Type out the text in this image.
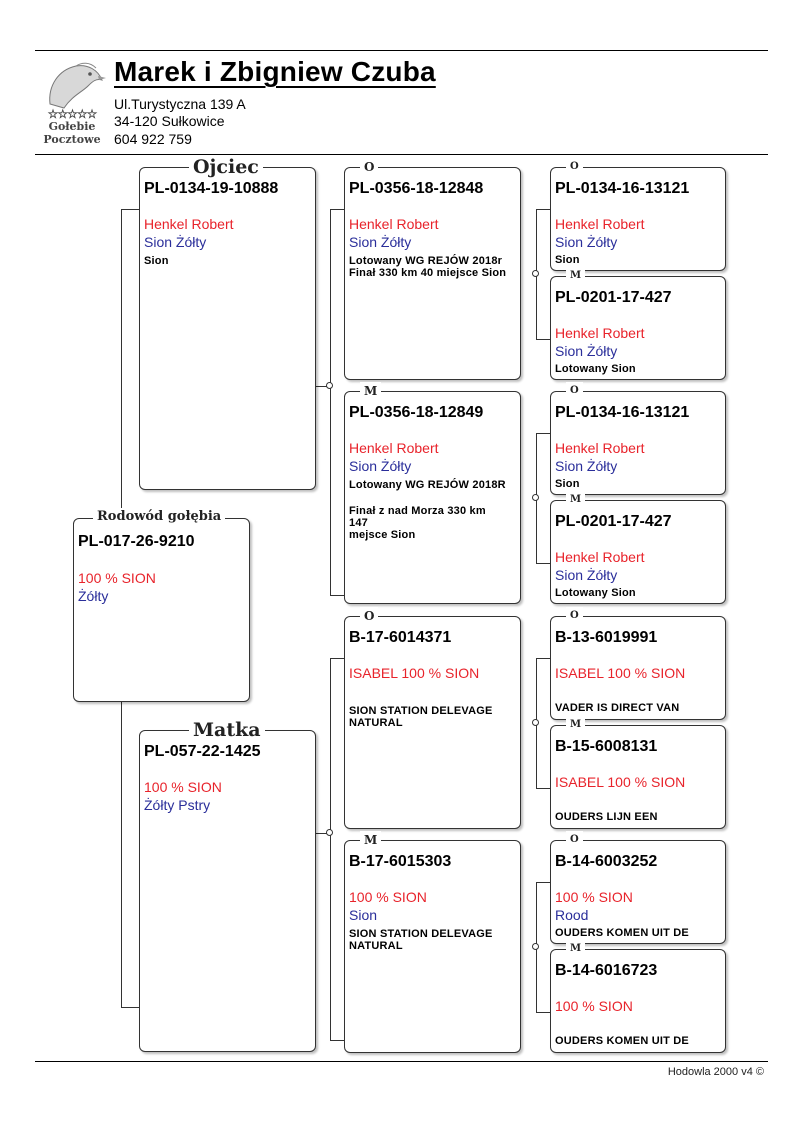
☆☆☆☆☆
Gołebie
Pocztowe
Marek i Zbigniew Czuba
Ul.Turystyczna 139 A
34-120 Sułkowice
604 922 759
PL-017-26-9210
100 % SION
Żółty
Rodowód gołębia
PL-0134-19-10888
Henkel Robert
Sion Żółty
Sion
Ojciec
PL-057-22-1425
100 % SION
Żółty Pstry
Matka
PL-0356-18-12848
Henkel Robert
Sion Żółty
Lotowany WG REJÓW 2018r
Finał 330 km 40 miejsce Sion
O
PL-0356-18-12849
Henkel Robert
Sion Żółty
Lotowany WG REJÓW 2018R
Finał z nad Morza 330 km
147
mejsce Sion
M
B-17-6014371
ISABEL 100 % SION
SION STATION DELEVAGE
NATURAL
O
B-17-6015303
100 % SION
Sion
SION STATION DELEVAGE
NATURAL
M
PL-0134-16-13121
Henkel Robert
Sion Żółty
Sion
O
PL-0201-17-427
Henkel Robert
Sion Żółty
Lotowany Sion
M
PL-0134-16-13121
Henkel Robert
Sion Żółty
Sion
O
PL-0201-17-427
Henkel Robert
Sion Żółty
Lotowany Sion
M
B-13-6019991
ISABEL 100 % SION
VADER IS DIRECT VAN
O
B-15-6008131
ISABEL 100 % SION
OUDERS LIJN EEN
M
B-14-6003252
100 % SION
Rood
OUDERS KOMEN UIT DE
O
B-14-6016723
100 % SION
OUDERS KOMEN UIT DE
M
Hodowla 2000 v4 ©
